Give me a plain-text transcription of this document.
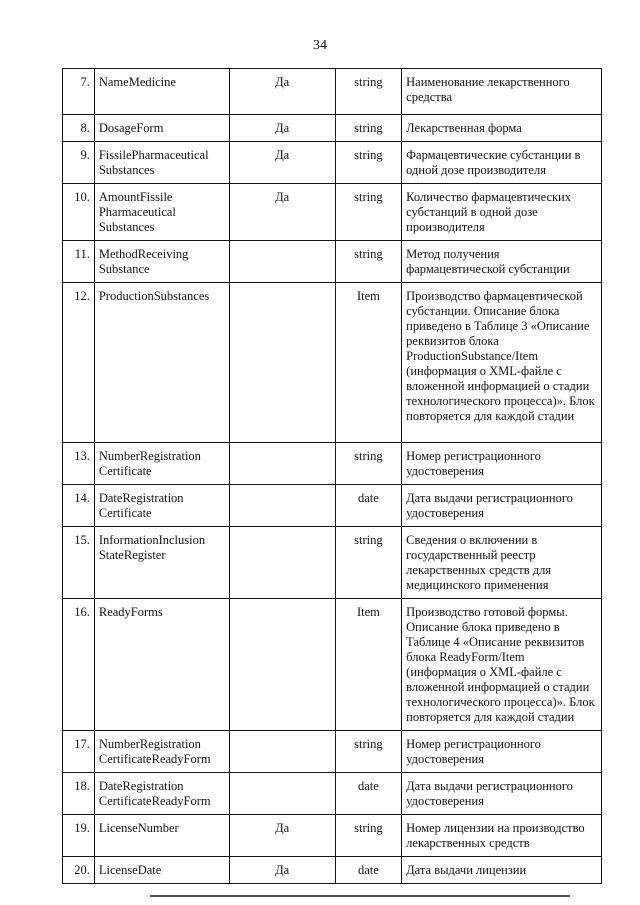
34
7.	NameMedicine	Да	string	Наименование лекарственного средства
8.	DosageForm	Да	string	Лекарственная форма
9.	FissilePharmaceutical Substances	Да	string	Фармацевтические субстанции в одной дозе производителя
10.	AmountFissile Pharmaceutical Substances	Да	string	Количество фармацевтических субстанций в одной дозе производителя
11.	MethodReceiving Substance		string	Метод получения фармацевтической субстанции
12.	ProductionSubstances		Item	Производство фармацевтической субстанции. Описание блока приведено в Таблице 3 «Описание реквизитов блока ProductionSubstance/Item (информация о XML-файле с вложенной информацией о стадии технологического процесса)». Блок повторяется для каждой стадии
13.	NumberRegistration Certificate		string	Номер регистрационного удостоверения
14.	DateRegistration Certificate		date	Дата выдачи регистрационного удостоверения
15.	InformationInclusion StateRegister		string	Сведения о включении в государственный реестр лекарственных средств для медицинского применения
16.	ReadyForms		Item	Производство готовой формы. Описание блока приведено в Таблице 4 «Описание реквизитов блока ReadyForm/Item (информация о XML-файле с вложенной информацией о стадии технологического процесса)». Блок повторяется для каждой стадии
17.	NumberRegistration CertificateReadyForm		string	Номер регистрационного удостоверения
18.	DateRegistration CertificateReadyForm		date	Дата выдачи регистрационного удостоверения
19.	LicenseNumber	Да	string	Номер лицензии на производство лекарственных средств
20.	LicenseDate	Да	date	Дата выдачи лицензии
